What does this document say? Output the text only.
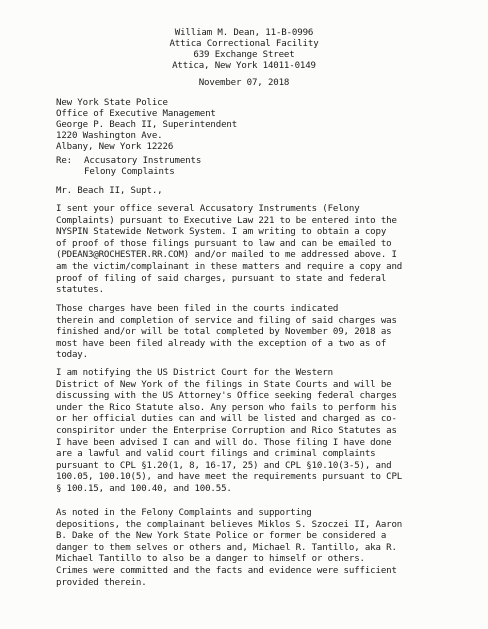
William M. Dean, 11-B-0996
Attica Correctional Facility
639 Exchange Street
Attica, New York 14011-0149
November 07, 2018
New York State Police
Office of Executive Management
George P. Beach II, Superintendent
1220 Washington Ave.
Albany, New York 12226
Re: Accusatory Instruments
Felony Complaints
Mr. Beach II, Supt.,
I sent your office several Accusatory Instruments (Felony
Complaints) pursuant to Executive Law 221 to be entered into the
NYSPIN Statewide Network System. I am writing to obtain a copy
of proof of those filings pursuant to law and can be emailed to
(PDEAN3@ROCHESTER.RR.COM) and/or mailed to me addressed above. I
am the victim/complainant in these matters and require a copy and
proof of filing of said charges, pursuant to state and federal
statutes.
Those charges have been filed in the courts indicated
therein and completion of service and filing of said charges was
finished and/or will be total completed by November 09, 2018 as
most have been filed already with the exception of a two as of
today.
I am notifying the US District Court for the Western
District of New York of the filings in State Courts and will be
discussing with the US Attorney's Office seeking federal charges
under the Rico Statute also. Any person who fails to perform his
or her official duties can and will be listed and charged as co-
conspiritor under the Enterprise Corruption and Rico Statutes as
I have been advised I can and will do. Those filing I have done
are a lawful and valid court filings and criminal complaints
pursuant to CPL §1.20(1, 8, 16-17, 25) and CPL §10.10(3-5), and
100.05, 100.10(5), and have meet the requirements pursuant to CPL
§ 100.15, and 100.40, and 100.55.
As noted in the Felony Complaints and supporting
depositions, the complainant believes Miklos S. Szoczei II, Aaron
B. Dake of the New York State Police or former be considered a
danger to them selves or others and, Michael R. Tantillo, aka R.
Michael Tantillo to also be a danger to himself or others.
Crimes were committed and the facts and evidence were sufficient
provided therein.
